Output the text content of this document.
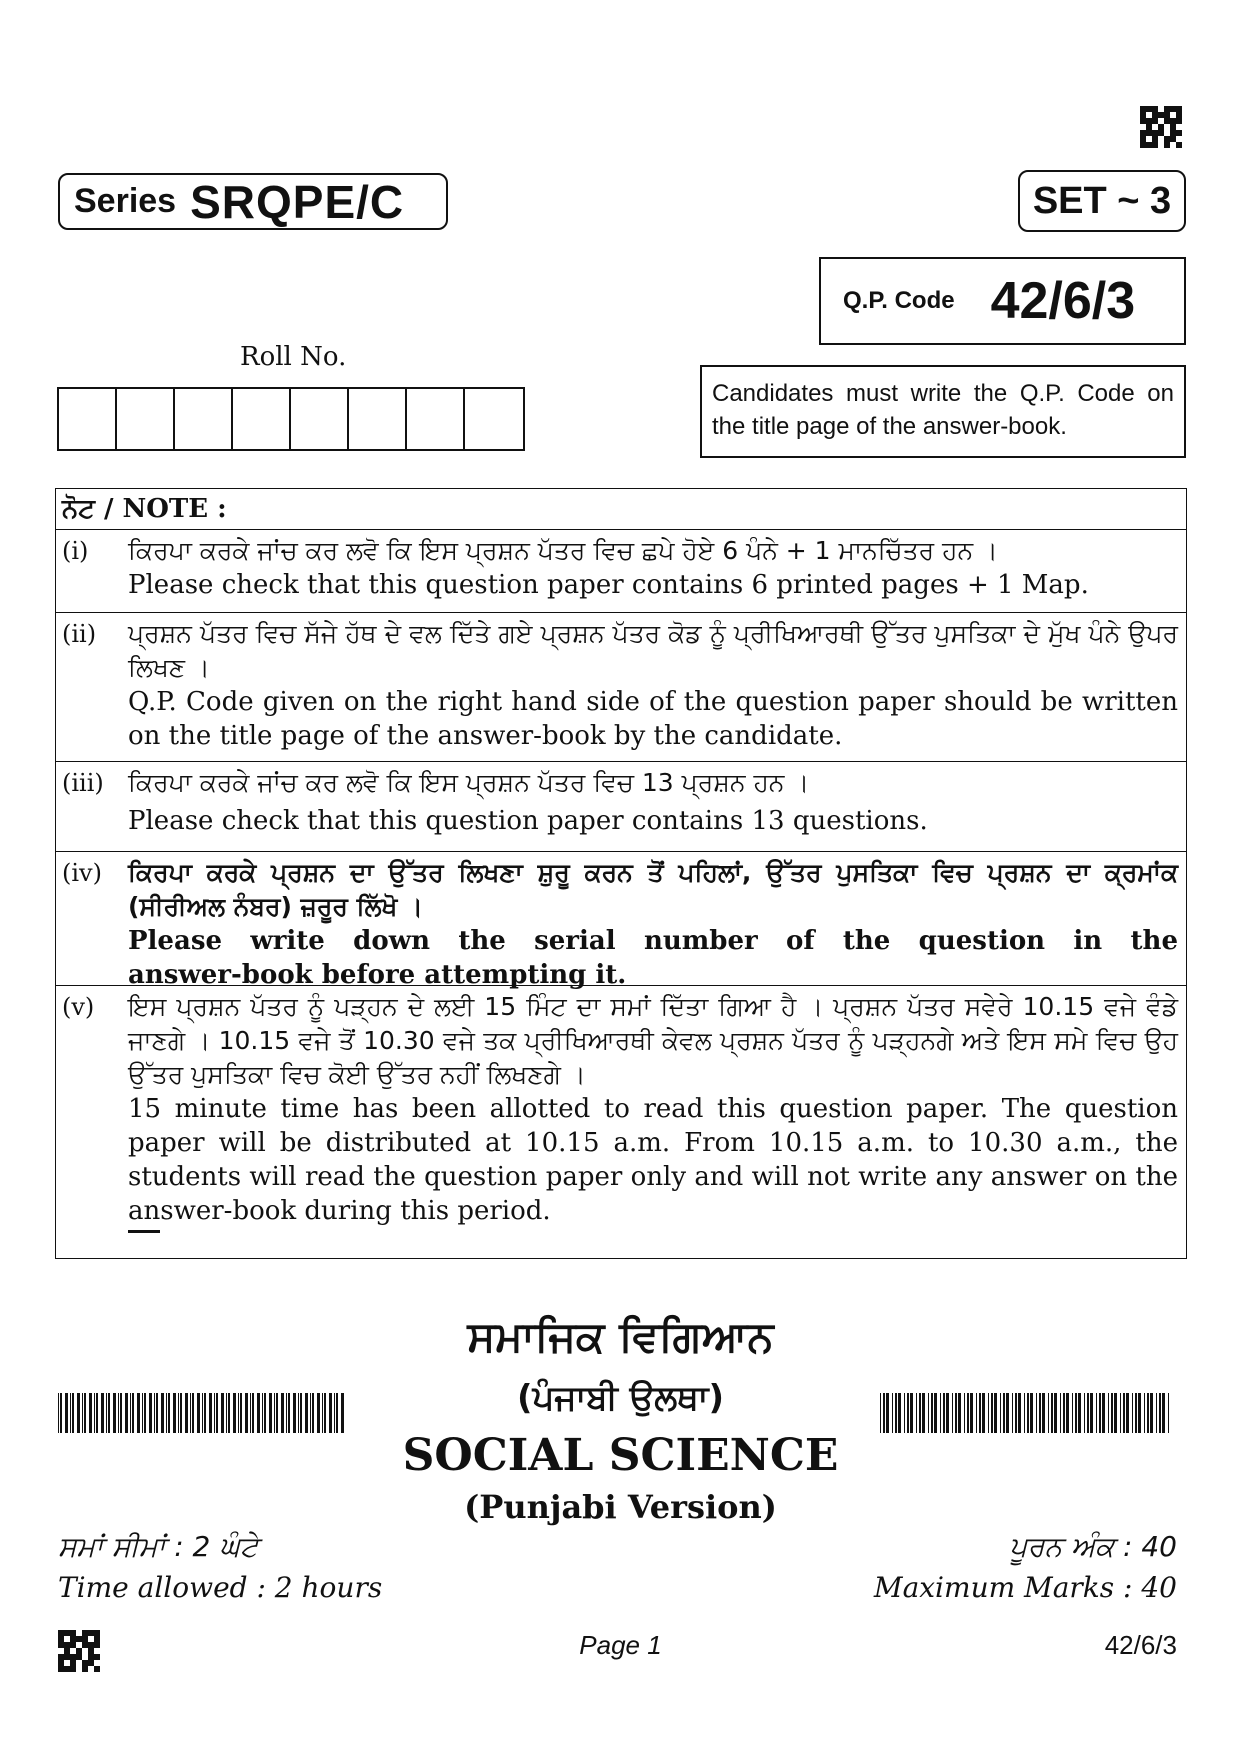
Series SRQPE/C	SET ~ 3
Q.P. Code 42/6/3
Roll No.
Candidates must write the Q.P. Code on the title page of the answer-book.
ਨੋਟ / NOTE :
(i)	ਕਿਰਪਾ ਕਰਕੇ ਜਾਂਚ ਕਰ ਲਵੋ ਕਿ ਇਸ ਪ੍ਰਸ਼ਨ ਪੱਤਰ ਵਿਚ ਛਪੇ ਹੋਏ 6 ਪੰਨੇ + 1 ਮਾਨਚਿੱਤਰ ਹਨ ।
Please check that this question paper contains 6 printed pages + 1 Map.
(ii)	ਪ੍ਰਸ਼ਨ ਪੱਤਰ ਵਿਚ ਸੱਜੇ ਹੱਥ ਦੇ ਵਲ ਦਿੱਤੇ ਗਏ ਪ੍ਰਸ਼ਨ ਪੱਤਰ ਕੋਡ ਨੂੰ ਪ੍ਰੀਖਿਆਰਥੀ ਉੱਤਰ ਪੁਸਤਿਕਾ ਦੇ ਮੁੱਖ ਪੰਨੇ ਉਪਰ ਲਿਖਣ ।
Q.P. Code given on the right hand side of the question paper should be written on the title page of the answer-book by the candidate.
(iii) ਕਿਰਪਾ ਕਰਕੇ ਜਾਂਚ ਕਰ ਲਵੋ ਕਿ ਇਸ ਪ੍ਰਸ਼ਨ ਪੱਤਰ ਵਿਚ 13 ਪ੍ਰਸ਼ਨ ਹਨ ।
Please check that this question paper contains 13 questions.
(iv)	ਕਿਰਪਾ ਕਰਕੇ ਪ੍ਰਸ਼ਨ ਦਾ ਉੱਤਰ ਲਿਖਣਾ ਸ਼ੁਰੂ ਕਰਨ ਤੋਂ ਪਹਿਲਾਂ, ਉੱਤਰ ਪੁਸਤਿਕਾ ਵਿਚ ਪ੍ਰਸ਼ਨ ਦਾ ਕ੍ਰਮਾਂਕ (ਸੀਰੀਅਲ ਨੰਬਰ) ਜ਼ਰੂਰ ਲਿੱਖੋ ।
Please write down the serial number of the question in the
answer-book before attempting it.
(v)	ਇਸ ਪ੍ਰਸ਼ਨ ਪੱਤਰ ਨੂੰ ਪੜ੍ਹਨ ਦੇ ਲਈ 15 ਮਿੰਟ ਦਾ ਸਮਾਂ ਦਿੱਤਾ ਗਿਆ ਹੈ । ਪ੍ਰਸ਼ਨ ਪੱਤਰ ਸਵੇਰੇ 10.15 ਵਜੇ ਵੰਡੇ ਜਾਣਗੇ । 10.15 ਵਜੇ ਤੋਂ 10.30 ਵਜੇ ਤਕ ਪ੍ਰੀਖਿਆਰਥੀ ਕੇਵਲ ਪ੍ਰਸ਼ਨ ਪੱਤਰ ਨੂੰ ਪੜ੍ਹਨਗੇ ਅਤੇ ਇਸ ਸਮੇ ਵਿਚ ਉਹ ਉੱਤਰ ਪੁਸਤਿਕਾ ਵਿਚ ਕੋਈ ਉੱਤਰ ਨਹੀਂ ਲਿਖਣਗੇ ।
15 minute time has been allotted to read this question paper. The question paper will be distributed at 10.15 a.m. From 10.15 a.m. to 10.30 a.m., the students will read the question paper only and will not write any answer on the answer-book during this period.
ਸਮਾਜਿਕ ਵਿਗਿਆਨ
(ਪੰਜਾਬੀ ਉਲਥਾ)
SOCIAL SCIENCE
(Punjabi Version)
ਸਮਾਂ ਸੀਮਾਂ : 2 ਘੰਟੇ
Time allowed : 2 hours
ਪੂਰਨ ਅੰਕ : 40
Maximum Marks : 40
Page 1	42/6/3
